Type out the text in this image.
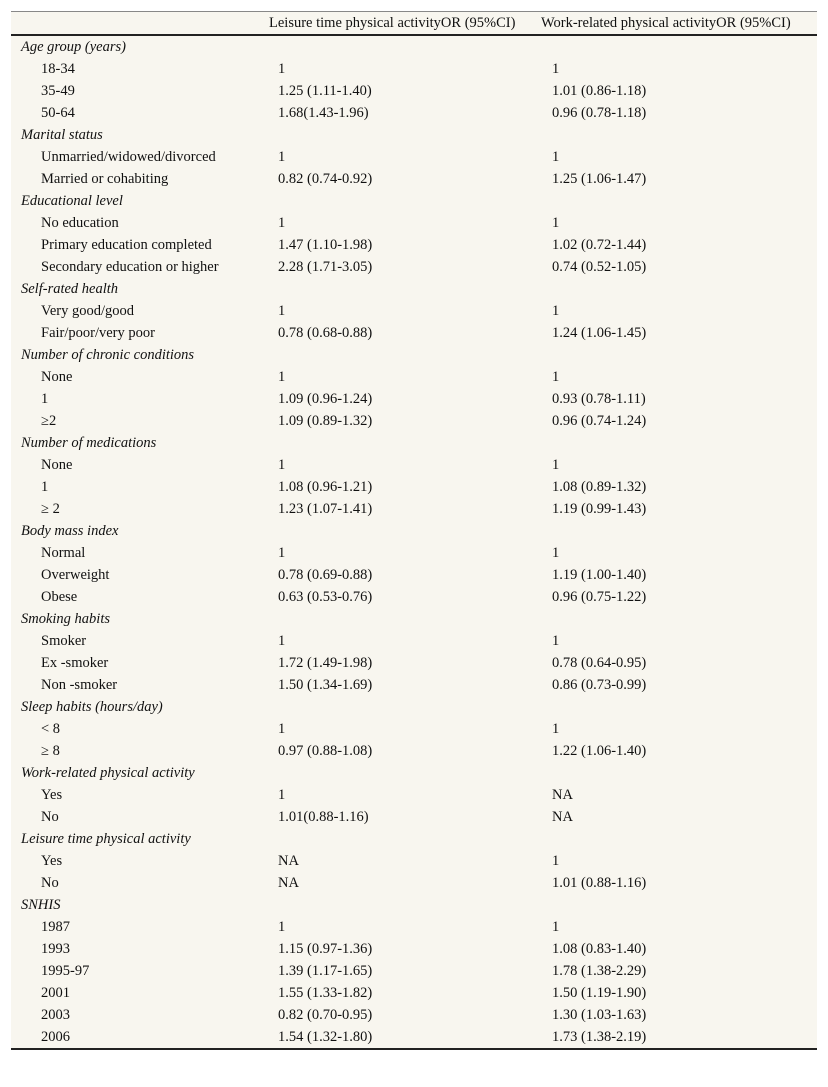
	Leisure time physical activityOR (95%CI)	Work-related physical activityOR (95%CI)
Age group (years)		
18-34	1	1
35-49	1.25 (1.11-1.40)	1.01 (0.86-1.18)
50-64	1.68(1.43-1.96)	0.96 (0.78-1.18)
Marital status		
Unmarried/widowed/divorced	1	1
Married or cohabiting	0.82 (0.74-0.92)	1.25 (1.06-1.47)
Educational level		
No education	1	1
Primary education completed	1.47 (1.10-1.98)	1.02 (0.72-1.44)
Secondary education or higher	2.28 (1.71-3.05)	0.74 (0.52-1.05)
Self-rated health		
Very good/good	1	1
Fair/poor/very poor	0.78 (0.68-0.88)	1.24 (1.06-1.45)
Number of chronic conditions		
None	1	1
1	1.09 (0.96-1.24)	0.93 (0.78-1.11)
≥2	1.09 (0.89-1.32)	0.96 (0.74-1.24)
Number of medications		
None	1	1
1	1.08 (0.96-1.21)	1.08 (0.89-1.32)
≥ 2	1.23 (1.07-1.41)	1.19 (0.99-1.43)
Body mass index		
Normal	1	1
Overweight	0.78 (0.69-0.88)	1.19 (1.00-1.40)
Obese	0.63 (0.53-0.76)	0.96 (0.75-1.22)
Smoking habits		
Smoker	1	1
Ex -smoker	1.72 (1.49-1.98)	0.78 (0.64-0.95)
Non -smoker	1.50 (1.34-1.69)	0.86 (0.73-0.99)
Sleep habits (hours/day)		
< 8	1	1
≥ 8	0.97 (0.88-1.08)	1.22 (1.06-1.40)
Work-related physical activity		
Yes	1	NA
No	1.01(0.88-1.16)	NA
Leisure time physical activity		
Yes	NA	1
No	NA	1.01 (0.88-1.16)
SNHIS		
1987	1	1
1993	1.15 (0.97-1.36)	1.08 (0.83-1.40)
1995-97	1.39 (1.17-1.65)	1.78 (1.38-2.29)
2001	1.55 (1.33-1.82)	1.50 (1.19-1.90)
2003	0.82 (0.70-0.95)	1.30 (1.03-1.63)
2006	1.54 (1.32-1.80)	1.73 (1.38-2.19)
